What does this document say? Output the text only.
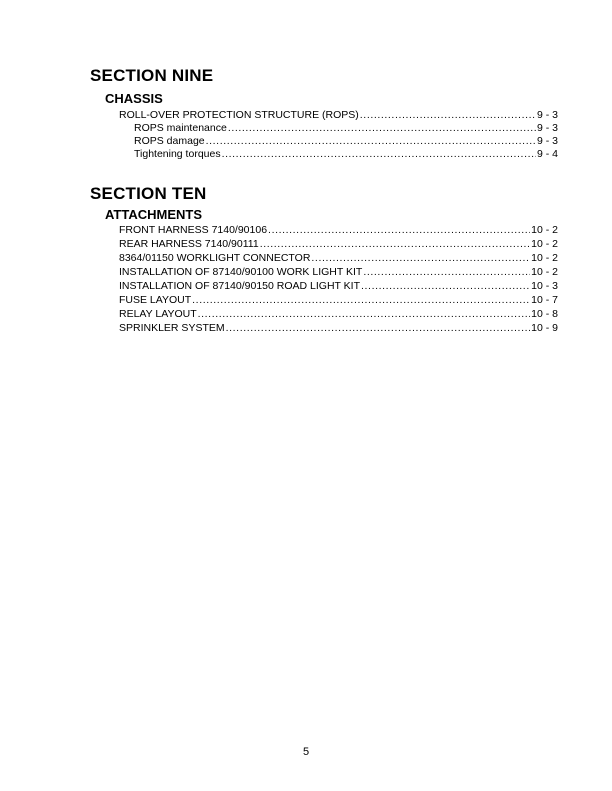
SECTION NINE
CHASSIS
ROLL-OVER PROTECTION STRUCTURE (ROPS) .....	9 - 3
ROPS maintenance .....	9 - 3
ROPS damage .....	9 - 3
Tightening torques .....	9 - 4
SECTION TEN
ATTACHMENTS
FRONT HARNESS 7140/90106 .....	10 - 2
REAR HARNESS 7140/90111 .....	10 - 2
8364/01150 WORKLIGHT CONNECTOR .....	10 - 2
INSTALLATION OF 87140/90100 WORK LIGHT KIT .....	10 - 2
INSTALLATION OF 87140/90150 ROAD LIGHT KIT .....	10 - 3
FUSE LAYOUT .....	10 - 7
RELAY LAYOUT .....	10 - 8
SPRINKLER SYSTEM .....	10 - 9
5
